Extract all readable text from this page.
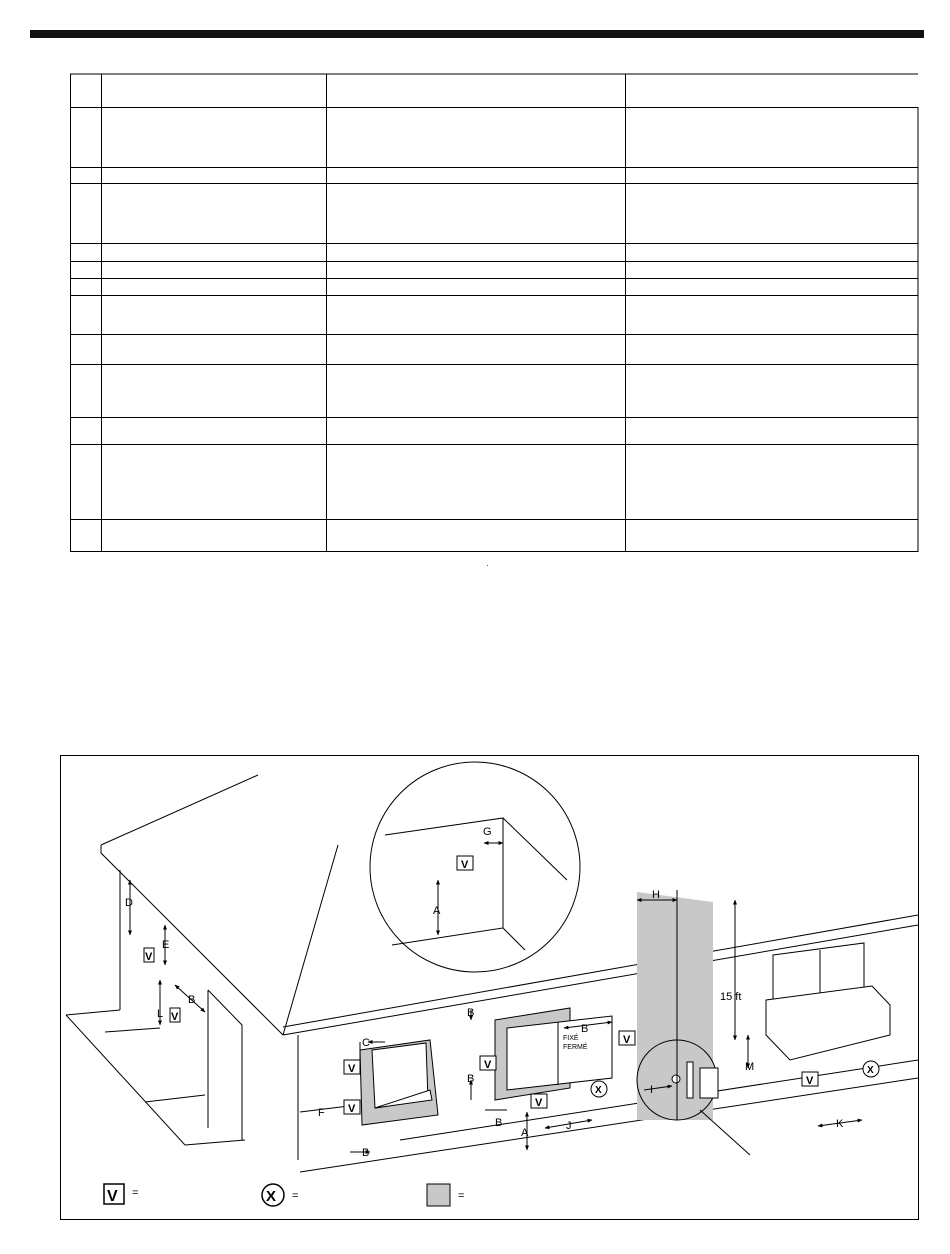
·
D
E
L
B
F
C
B
A
G
B
B
B
A
J
B
H
I
M
K
15 ft
FIXÉ
FERMÉ
V
V
V
V
V
V
V
V
V
X
X
V =	X =	=
